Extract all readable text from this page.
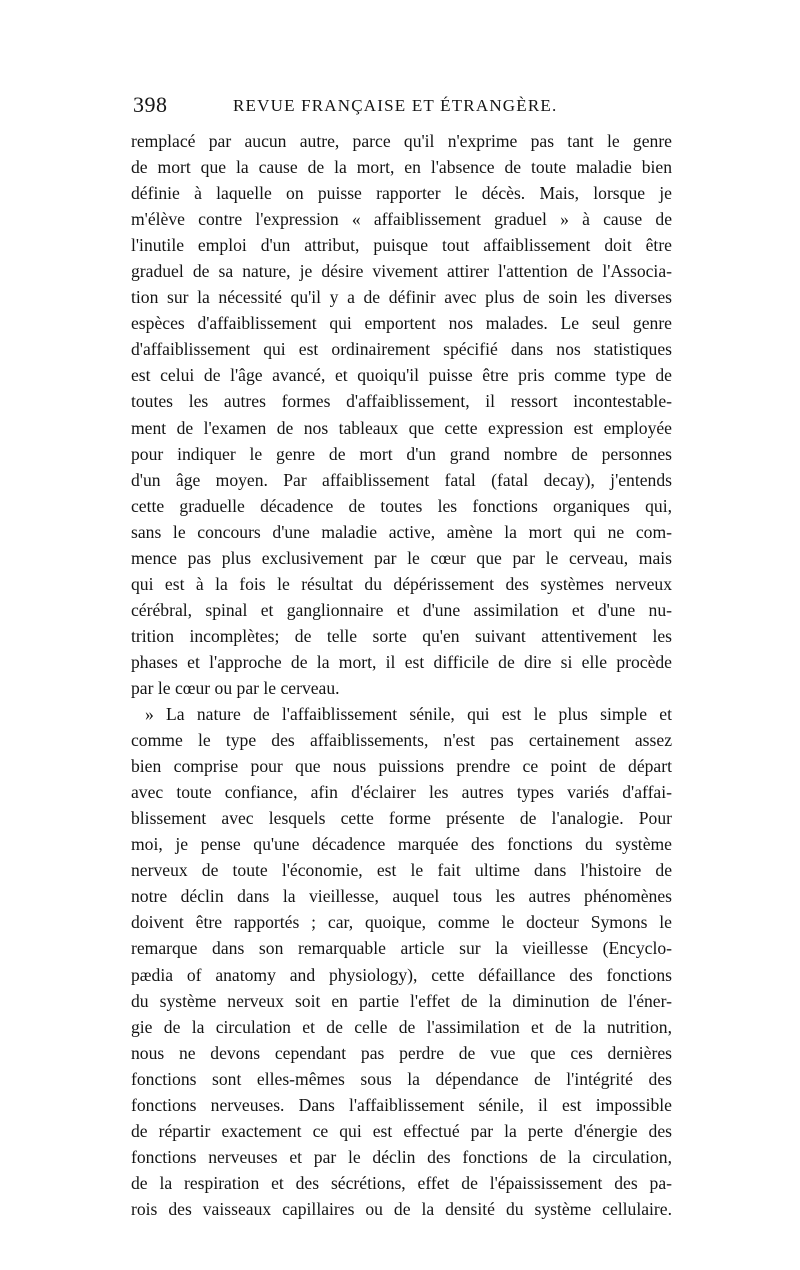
398	REVUE FRANÇAISE ET ÉTRANGÈRE.
remplacé par aucun autre, parce qu'il n'exprime pas tant le genre
de mort que la cause de la mort, en l'absence de toute maladie bien
définie à laquelle on puisse rapporter le décès. Mais, lorsque je
m'élève contre l'expression « affaiblissement graduel » à cause de
l'inutile emploi d'un attribut, puisque tout affaiblissement doit être
graduel de sa nature, je désire vivement attirer l'attention de l'Associa-
tion sur la nécessité qu'il y a de définir avec plus de soin les diverses
espèces d'affaiblissement qui emportent nos malades. Le seul genre
d'affaiblissement qui est ordinairement spécifié dans nos statistiques
est celui de l'âge avancé, et quoiqu'il puisse être pris comme type de
toutes les autres formes d'affaiblissement, il ressort incontestable-
ment de l'examen de nos tableaux que cette expression est employée
pour indiquer le genre de mort d'un grand nombre de personnes
d'un âge moyen. Par affaiblissement fatal (fatal decay), j'entends
cette graduelle décadence de toutes les fonctions organiques qui,
sans le concours d'une maladie active, amène la mort qui ne com-
mence pas plus exclusivement par le cœur que par le cerveau, mais
qui est à la fois le résultat du dépérissement des systèmes nerveux
cérébral, spinal et ganglionnaire et d'une assimilation et d'une nu-
trition incomplètes; de telle sorte qu'en suivant attentivement les
phases et l'approche de la mort, il est difficile de dire si elle procède
par le cœur ou par le cerveau.
» La nature de l'affaiblissement sénile, qui est le plus simple et
comme le type des affaiblissements, n'est pas certainement assez
bien comprise pour que nous puissions prendre ce point de départ
avec toute confiance, afin d'éclairer les autres types variés d'affai-
blissement avec lesquels cette forme présente de l'analogie. Pour
moi, je pense qu'une décadence marquée des fonctions du système
nerveux de toute l'économie, est le fait ultime dans l'histoire de
notre déclin dans la vieillesse, auquel tous les autres phénomènes
doivent être rapportés ; car, quoique, comme le docteur Symons le
remarque dans son remarquable article sur la vieillesse (Encyclo-
pædia of anatomy and physiology), cette défaillance des fonctions
du système nerveux soit en partie l'effet de la diminution de l'éner-
gie de la circulation et de celle de l'assimilation et de la nutrition,
nous ne devons cependant pas perdre de vue que ces dernières
fonctions sont elles-mêmes sous la dépendance de l'intégrité des
fonctions nerveuses. Dans l'affaiblissement sénile, il est impossible
de répartir exactement ce qui est effectué par la perte d'énergie des
fonctions nerveuses et par le déclin des fonctions de la circulation,
de la respiration et des sécrétions, effet de l'épaississement des pa-
rois des vaisseaux capillaires ou de la densité du système cellulaire.
